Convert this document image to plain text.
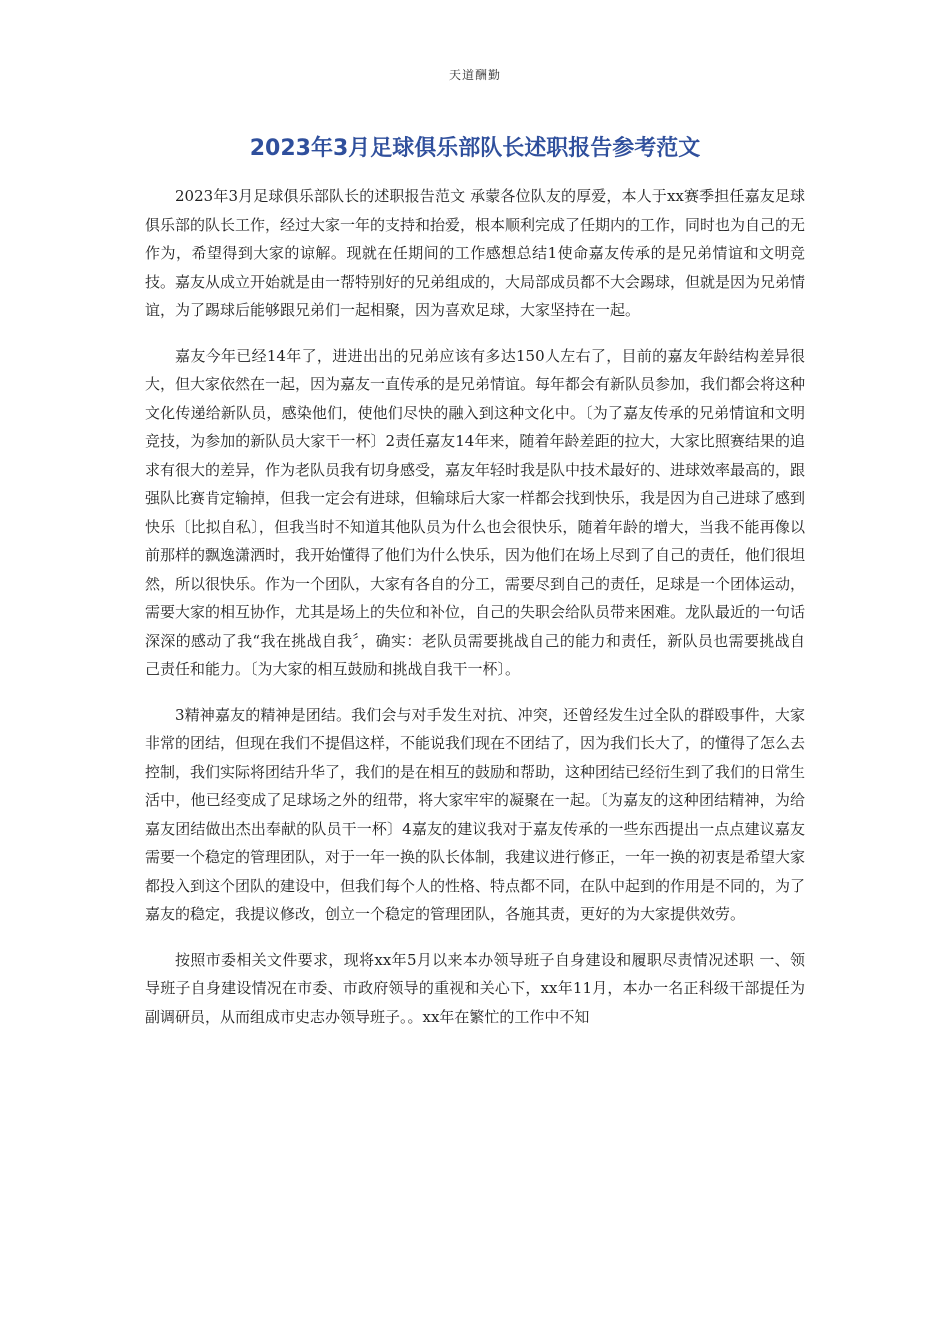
天道酬勤
2023年3月足球俱乐部队长述职报告参考范文

2023年3月足球俱乐部队长的述职报告范文 承蒙各位队友的厚爱，本人于xx赛季担任嘉友足球俱乐部的队长工作，经过大家一年的支持和抬爱，根本顺利完成了任期内的工作，同时也为自己的无作为，希望得到大家的谅解。现就在任期间的工作感想总结1使命嘉友传承的是兄弟情谊和文明竞技。嘉友从成立开始就是由一帮特别好的兄弟组成的，大局部成员都不大会踢球，但就是因为兄弟情谊，为了踢球后能够跟兄弟们一起相聚，因为喜欢足球，大家坚持在一起。

嘉友今年已经14年了，进进出出的兄弟应该有多达150人左右了，目前的嘉友年龄结构差异很大，但大家依然在一起，因为嘉友一直传承的是兄弟情谊。每年都会有新队员参加，我们都会将这种文化传递给新队员，感染他们，使他们尽快的融入到这种文化中。〔为了嘉友传承的兄弟情谊和文明竞技，为参加的新队员大家干一杯〕2责任嘉友14年来，随着年龄差距的拉大，大家比照赛结果的追求有很大的差异，作为老队员我有切身感受，嘉友年轻时我是队中技术最好的、进球效率最高的，跟强队比赛肯定输掉，但我一定会有进球，但输球后大家一样都会找到快乐，我是因为自己进球了感到快乐〔比拟自私〕，但我当时不知道其他队员为什么也会很快乐，随着年龄的增大，当我不能再像以前那样的飘逸潇洒时，我开始懂得了他们为什么快乐，因为他们在场上尽到了自己的责任，他们很坦然，所以很快乐。作为一个团队，大家有各自的分工，需要尽到自己的责任，足球是一个团体运动，需要大家的相互协作，尤其是场上的失位和补位，自己的失职会给队员带来困难。龙队最近的一句话深深的感动了我“我在挑战自我〞，确实：老队员需要挑战自己的能力和责任，新队员也需要挑战自己责任和能力。〔为大家的相互鼓励和挑战自我干一杯〕。

3精神嘉友的精神是团结。我们会与对手发生对抗、冲突，还曾经发生过全队的群殴事件，大家非常的团结，但现在我们不提倡这样，不能说我们现在不团结了，因为我们长大了，的懂得了怎么去控制，我们实际将团结升华了，我们的是在相互的鼓励和帮助，这种团结已经衍生到了我们的日常生活中，他已经变成了足球场之外的纽带，将大家牢牢的凝聚在一起。〔为嘉友的这种团结精神，为给嘉友团结做出杰出奉献的队员干一杯〕4嘉友的建议我对于嘉友传承的一些东西提出一点点建议嘉友需要一个稳定的管理团队，对于一年一换的队长体制，我建议进行修正，一年一换的初衷是希望大家都投入到这个团队的建设中，但我们每个人的性格、特点都不同，在队中起到的作用是不同的，为了嘉友的稳定，我提议修改，创立一个稳定的管理团队，各施其责，更好的为大家提供效劳。

按照市委相关文件要求，现将xx年5月以来本办领导班子自身建设和履职尽责情况述职 一、领导班子自身建设情况在市委、市政府领导的重视和关心下，xx年11月，本办一名正科级干部提任为副调研员，从而组成市史志办领导班子。。xx年在繁忙的工作中不知
